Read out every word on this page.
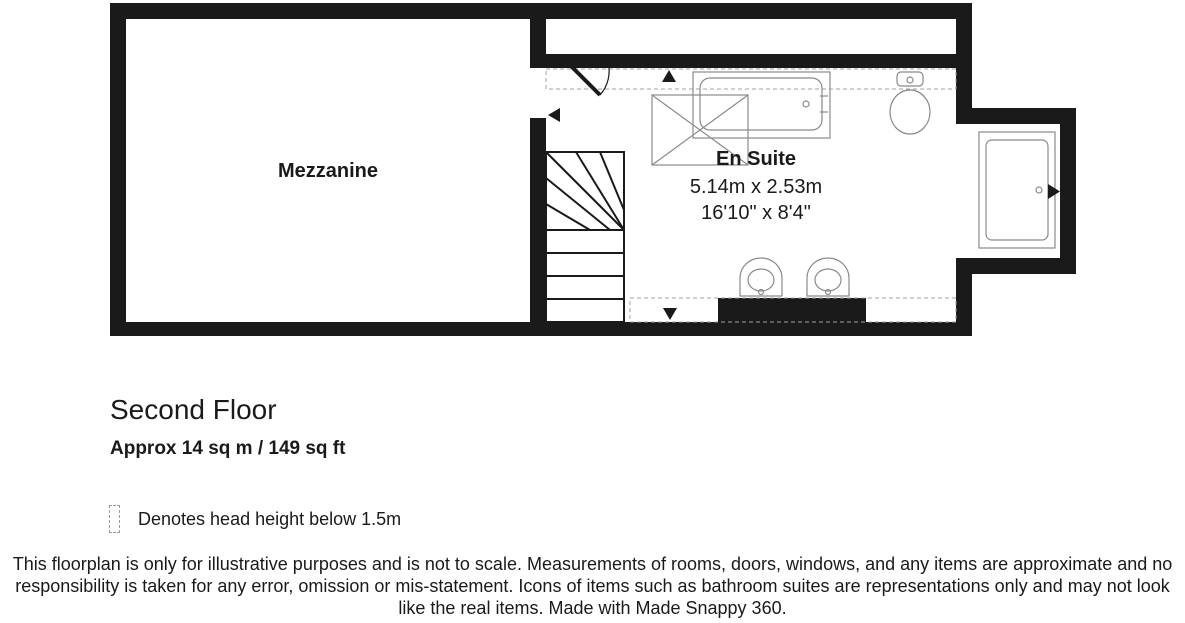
Mezzanine
En Suite
5.14m x 2.53m
16'10" x 8'4"
Second Floor
Approx 14 sq m / 149 sq ft
Denotes head height below 1.5m
This floorplan is only for illustrative purposes and is not to scale. Measurements of rooms, doors, windows, and any items are approximate and no responsibility is taken for any error, omission or mis-statement. Icons of items such as bathroom suites are representations only and may not look like the real items. Made with Made Snappy 360.
